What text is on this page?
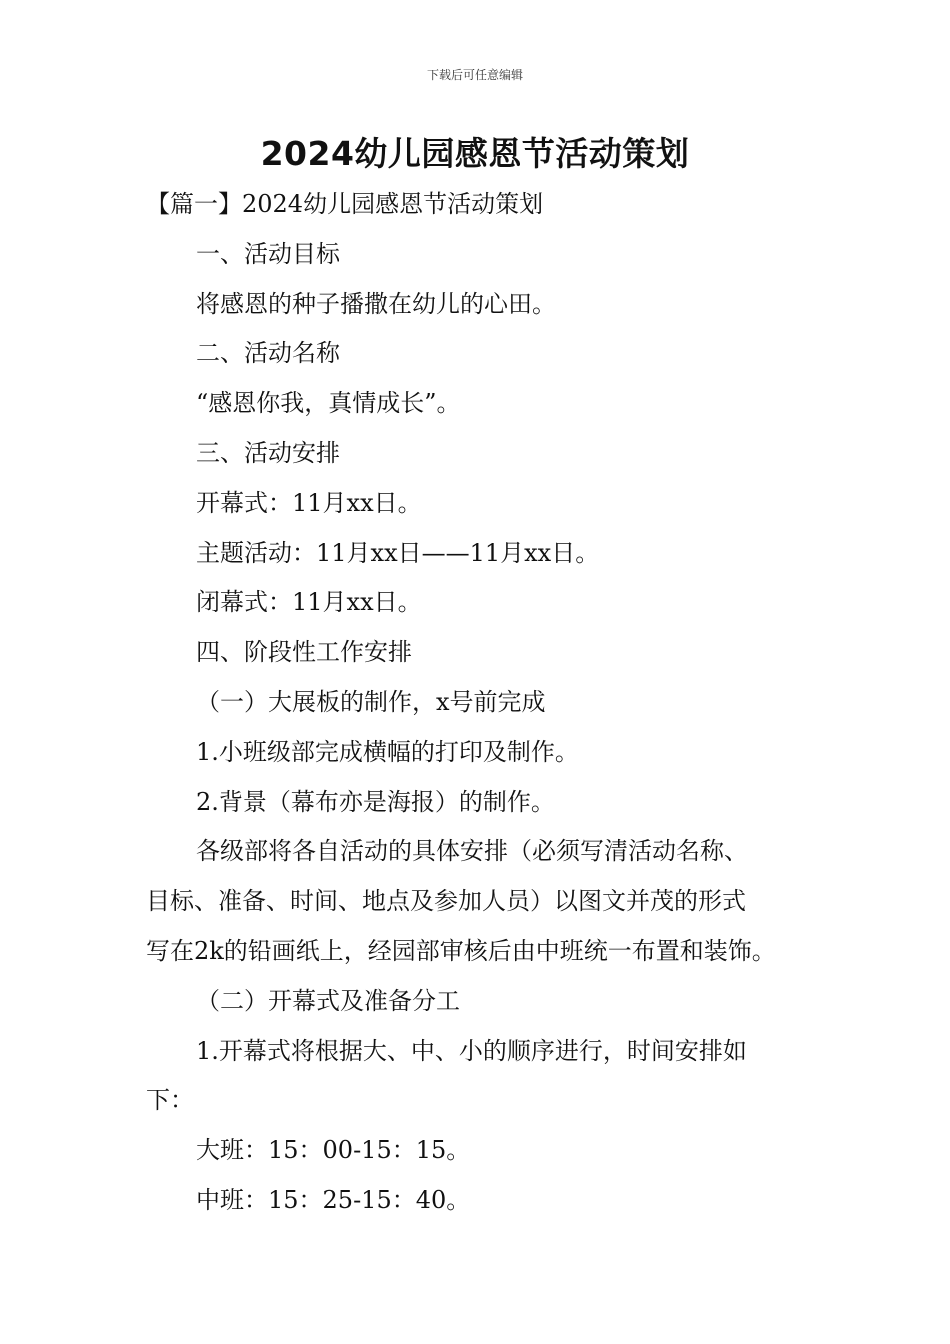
下载后可任意编辑
2024幼儿园感恩节活动策划
【篇一】2024幼儿园感恩节活动策划
一、活动目标
将感恩的种子播撒在幼儿的心田。
二、活动名称
“感恩你我，真情成长”。
三、活动安排
开幕式：11月xx日。
主题活动：11月xx日——11月xx日。
闭幕式：11月xx日。
四、阶段性工作安排
（一）大展板的制作，x号前完成
1.小班级部完成横幅的打印及制作。
2.背景（幕布亦是海报）的制作。
各级部将各自活动的具体安排（必须写清活动名称、
目标、准备、时间、地点及参加人员）以图文并茂的形式
写在2k的铅画纸上，经园部审核后由中班统一布置和装饰。
（二）开幕式及准备分工
1.开幕式将根据大、中、小的顺序进行，时间安排如
下：
大班：15：00-15：15。
中班：15：25-15：40。
